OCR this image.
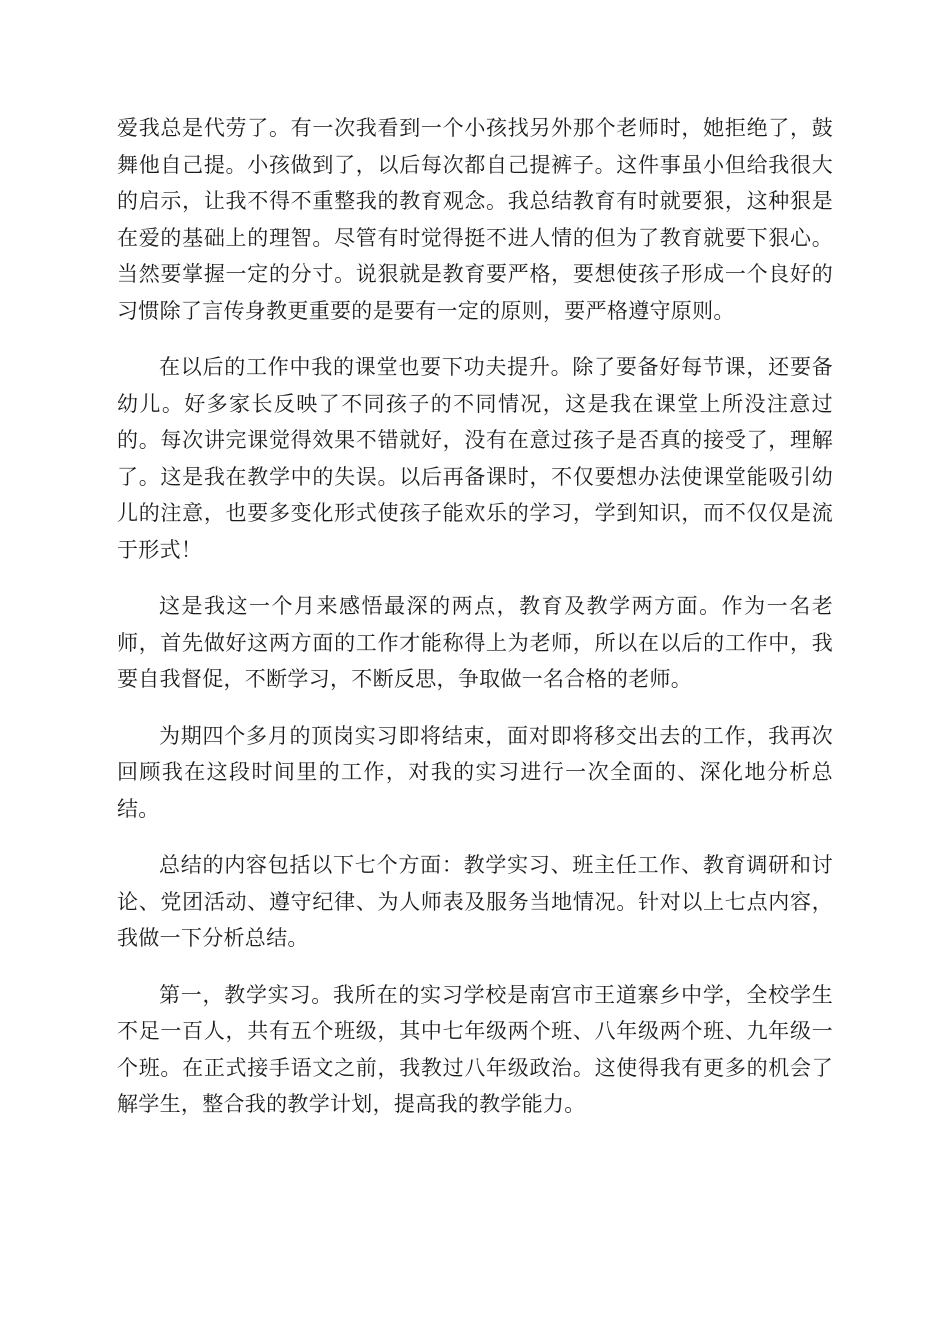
爱我总是代劳了。有一次我看到一个小孩找另外那个老师时，她拒绝了，鼓舞他自己提。小孩做到了，以后每次都自己提裤子。这件事虽小但给我很大的启示，让我不得不重整我的教育观念。我总结教育有时就要狠，这种狠是在爱的基础上的理智。尽管有时觉得挺不进人情的但为了教育就要下狠心。当然要掌握一定的分寸。说狠就是教育要严格，要想使孩子形成一个良好的习惯除了言传身教更重要的是要有一定的原则，要严格遵守原则。

在以后的工作中我的课堂也要下功夫提升。除了要备好每节课，还要备幼儿。好多家长反映了不同孩子的不同情况，这是我在课堂上所没注意过的。每次讲完课觉得效果不错就好，没有在意过孩子是否真的接受了，理解了。这是我在教学中的失误。以后再备课时，不仅要想办法使课堂能吸引幼儿的注意，也要多变化形式使孩子能欢乐的学习，学到知识，而不仅仅是流于形式！

这是我这一个月来感悟最深的两点，教育及教学两方面。作为一名老师，首先做好这两方面的工作才能称得上为老师，所以在以后的工作中，我要自我督促，不断学习，不断反思，争取做一名合格的老师。

为期四个多月的顶岗实习即将结束，面对即将移交出去的工作，我再次回顾我在这段时间里的工作，对我的实习进行一次全面的、深化地分析总结。

总结的内容包括以下七个方面：教学实习、班主任工作、教育调研和讨论、党团活动、遵守纪律、为人师表及服务当地情况。针对以上七点内容，我做一下分析总结。

第一，教学实习。我所在的实习学校是南宫市王道寨乡中学，全校学生不足一百人，共有五个班级，其中七年级两个班、八年级两个班、九年级一个班。在正式接手语文之前，我教过八年级政治。这使得我有更多的机会了解学生，整合我的教学计划，提高我的教学能力。
